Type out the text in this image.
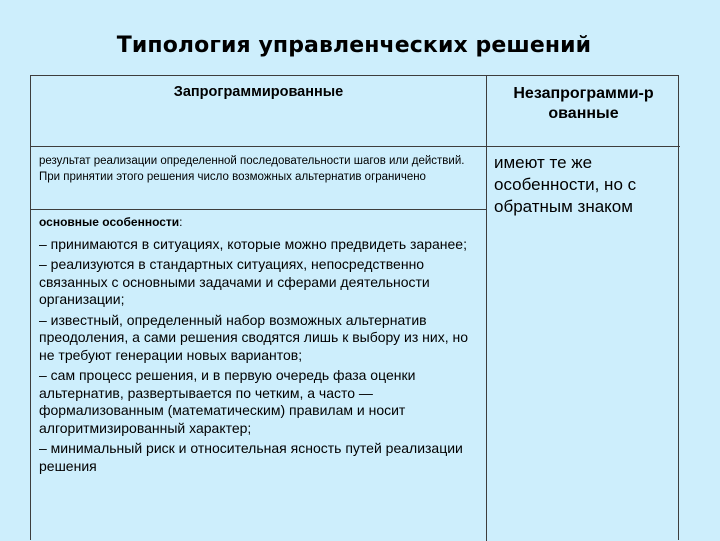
Типология управленческих решений
Запрограммированные	Незапрограмми-р ованные
результат реализации определенной последовательности шагов или действий. При принятии этого решения число возможных альтернатив ограничено
имеют те же особенности, но с обратным знаком
основные особенности:

– принимаются в ситуациях, которые можно предвидеть заранее;

– реализуются в стандартных ситуациях, непосредственно связанных с основными задачами и сферами деятельности организации;

– известный, определенный набор возможных альтернатив преодоления, а сами решения сводятся лишь к выбору из них, но не требуют генерации новых вариантов;

– сам процесс решения, и в первую очередь фаза оценки альтернатив, развертывается по четким, а часто — формализованным (математическим) правилам и носит алгоритмизированный характер;

– минимальный риск и относительная ясность путей реализации решения
